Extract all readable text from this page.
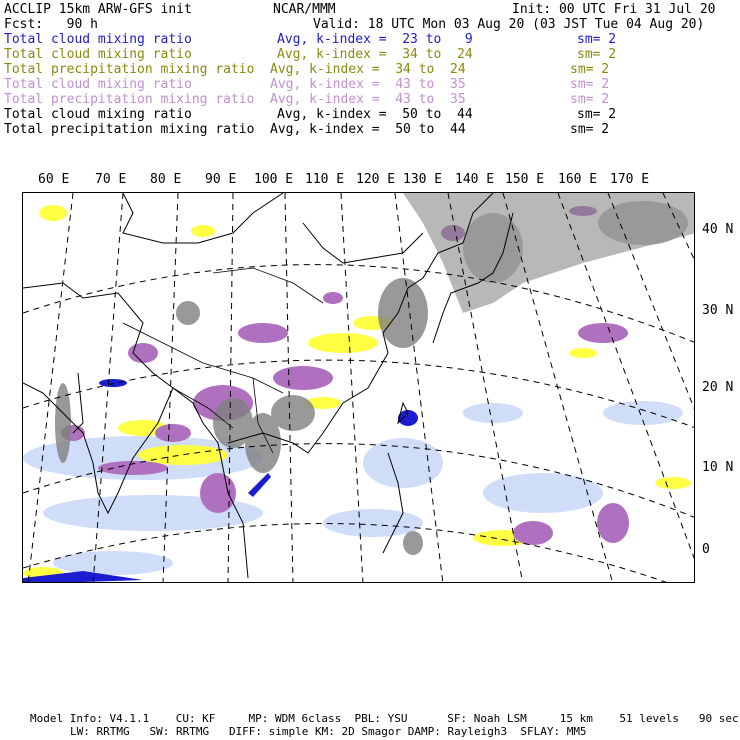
ACCLIP 15km ARW-GFS init	NCAR/MMM	Init: 00 UTC Fri 31 Jul 20
Fcst:   90 h	Valid: 18 UTC Mon 03 Aug 20 (03 JST Tue 04 Aug 20)
Total cloud mixing ratio	Avg, k-index =  23 to   9	sm= 2
Total cloud mixing ratio	Avg, k-index =  34 to  24	sm= 2
Total precipitation mixing ratio Avg, k-index =  34 to  24	sm= 2
Total cloud mixing ratio	Avg, k-index =  43 to  35	sm= 2
Total precipitation mixing ratio Avg, k-index =  43 to  35	sm= 2
Total cloud mixing ratio	Avg, k-index =  50 to  44	sm= 2
Total precipitation mixing ratio Avg, k-index =  50 to  44	sm= 2
60 E 70 E 80 E 90 E 100 E 110 E 120 E 130 E 140 E 150 E 160 E 170 E
40 N
30 N
20 N
10 N
0
Model Info: V4.1.1    CU: KF     MP: WDM 6class  PBL: YSU      SF: Noah LSM     15 km    51 levels   90 sec
LW: RRTMG   SW: RRTMG   DIFF: simple KM: 2D Smagor DAMP: Rayleigh3  SFLAY: MM5
